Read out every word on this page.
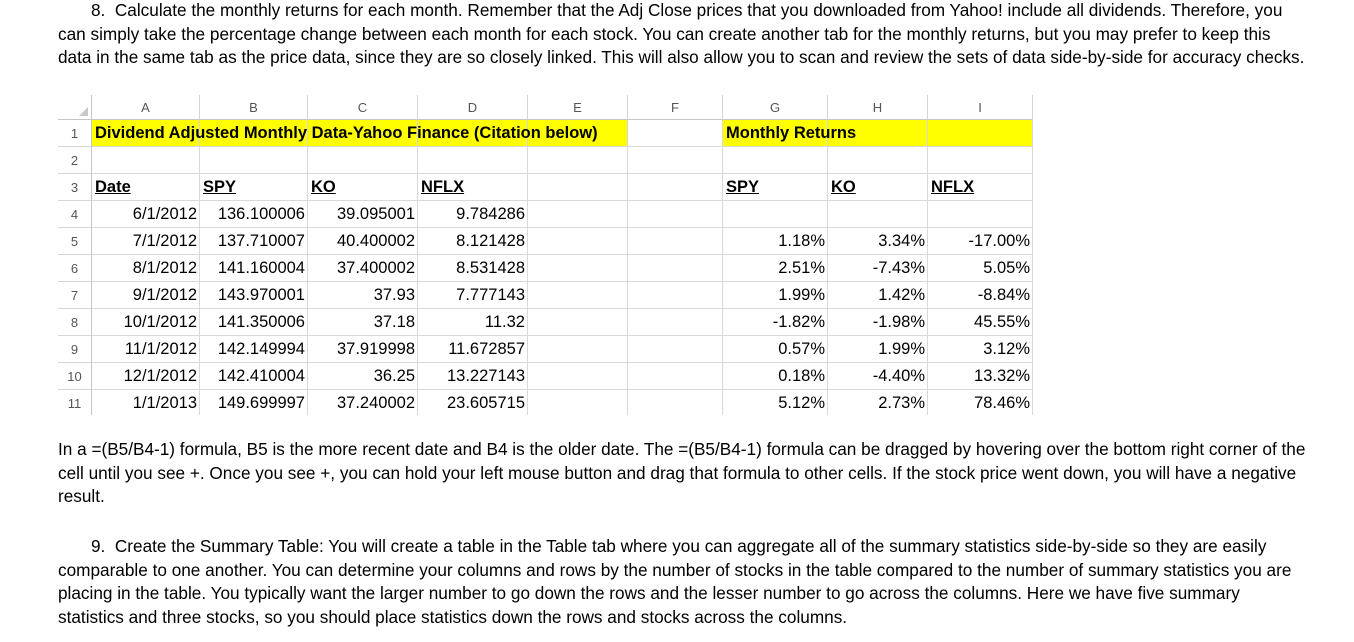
8.  Calculate the monthly returns for each month. Remember that the Adj Close prices that you downloaded from Yahoo! include all dividends. Therefore, you can simply take the percentage change between each month for each stock. You can create another tab for the monthly returns, but you may prefer to keep this data in the same tab as the price data, since they are so closely linked. This will also allow you to scan and review the sets of data side-by-side for accuracy checks.

A	B	C	D	E	F	G	H	I
1
2
3
4
5
6
7
8
9
10
11
Dividend Adjusted Monthly Data-Yahoo Finance (Citation below)	Monthly Returns
Date	SPY	KO	NFLX	SPY	KO	NFLX
6/1/2012	136.100006	39.095001	9.784286
7/1/2012	137.710007	40.400002	8.121428	1.18%	3.34%	-17.00%
8/1/2012	141.160004	37.400002	8.531428	2.51%	-7.43%	5.05%
9/1/2012	143.970001	37.93	7.777143	1.99%	1.42%	-8.84%
10/1/2012	141.350006	37.18	11.32	-1.82%	-1.98%	45.55%
11/1/2012	142.149994	37.919998	11.672857	0.57%	1.99%	3.12%
12/1/2012	142.410004	36.25	13.227143	0.18%	-4.40%	13.32%
1/1/2013	149.699997	37.240002	23.605715	5.12%	2.73%	78.46%

In a =(B5/B4-1) formula, B5 is the more recent date and B4 is the older date. The =(B5/B4-1) formula can be dragged by hovering over the bottom right corner of the cell until you see +. Once you see +, you can hold your left mouse button and drag that formula to other cells. If the stock price went down, you will have a negative result.

9.  Create the Summary Table: You will create a table in the Table tab where you can aggregate all of the summary statistics side-by-side so they are easily comparable to one another. You can determine your columns and rows by the number of stocks in the table compared to the number of summary statistics you are placing in the table. You typically want the larger number to go down the rows and the lesser number to go across the columns. Here we have five summary statistics and three stocks, so you should place statistics down the rows and stocks across the columns.
